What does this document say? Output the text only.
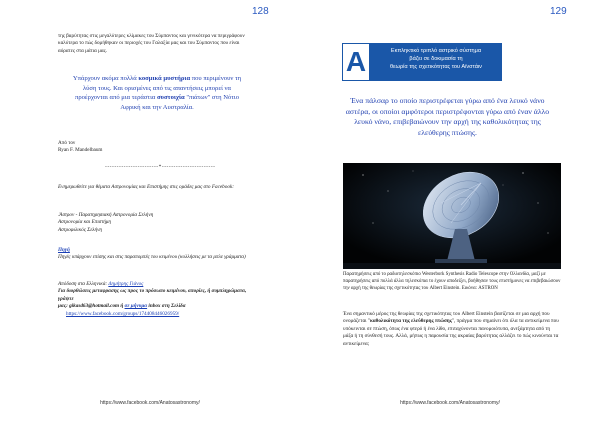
128
της βαρύτητας στις μεγαλύτερες κλίμακες του Σύμπαντος και γενικότερα να περιγράφουν καλύτερα το πώς δομήθηκαν οι περιοχές του Γαλαξία μας και του Σύμπαντος που είναι αόρατες στα μάτια μας.
Υπάρχουν ακόμα πολλά κοσμικά μυστήρια που περιμένουν τη λύση τους. Και ορισμένες από τις απαντήσεις μπορεί να προέρχονται από μια τεράστια συστοιχία "πιάτων" στη Νότιο Αφρική και την Αυστραλία.
Από τον
Ryan F. Mandelbaum
-----------------------*-----------------------
Ενημερωθείτε για θέματα Αστρονομίας και Επιστήμης στις ομάδες μας στο Facebook:
.Άστρον - Παρατηρησιακή Αστρονομία Σελήνη
Αστρονομία και Επιστήμη
Αστροφιλικός Σελήνη
Πηγή
Πηγές υπάρχουν επίσης και στις παραπομπές του κειμένου (κολλήσεις με τα μπλε γράμματα)
Απόδοση στα Ελληνικά: Δημήτρης Γιάνος
Για διορθώσεις μεταφρασης ως προς το πρόσωπο κειμένου, απορίες, ή συμπληρώματα, γράψτε
μας: gikasd63@hotmail.com ή σε μήνυμα inbox στη Σελίδα
https://www.facebook.com/groups/174408446026959/
https://www.facebook.com/Anatosastronomy/
129
A	Εκπληκτικό τριπλό αστρικό σύστημα
βάζει σε δοκιμασία τη
θεωρία της σχετικότητας του Αϊνστάιν
Ένα πάλσαρ το οποίο περιστρέφεται γύρω από ένα λευκό νάνο αστέρα, οι οποίοι αμφότεροι περιστρέφονται γύρω από έναν άλλο λευκό νάνο, επιβεβαιώνουν την αρχή της καθολικότητας της ελεύθερης πτώσης.
Παρατηρήσεις από το ραδιοτηλεσκόπιο Westerbork Synthesis Radio Telescope στην Ολλανδία, μαζί με παρατηρήσεις από πολλά άλλα τηλεσκόπια το έχουν αποδείξει, βοήθησαν τους επιστήμονες να επιβεβαιώσουν την αρχή της θεωρίας της σχετικότητας του Albert Einstein. Εικόνα: ASTRON
Ένα σημαντικό μέρος της θεωρίας της σχετικότητας του Albert Einstein βασίζεται σε μια αρχή που ονομάζεται "καθολικότητα της ελεύθερης πτώσης", πράγμα που σημαίνει ότι όλα τα αντικείμενα που υπόκεινται σε πτώση, όπως ένα φτερό ή ένα λίθο, επιταχύνονται πανομοιότυπα, ανεξάρτητα από τη μάζα ή τη σύνθεσή τους. Αλλά, μήπως η παρουσία της ακραίας βαρύτητας αλλάζει το πώς κινούνται τα αντικείμενα;
https://www.facebook.com/Anatosastronomy/
